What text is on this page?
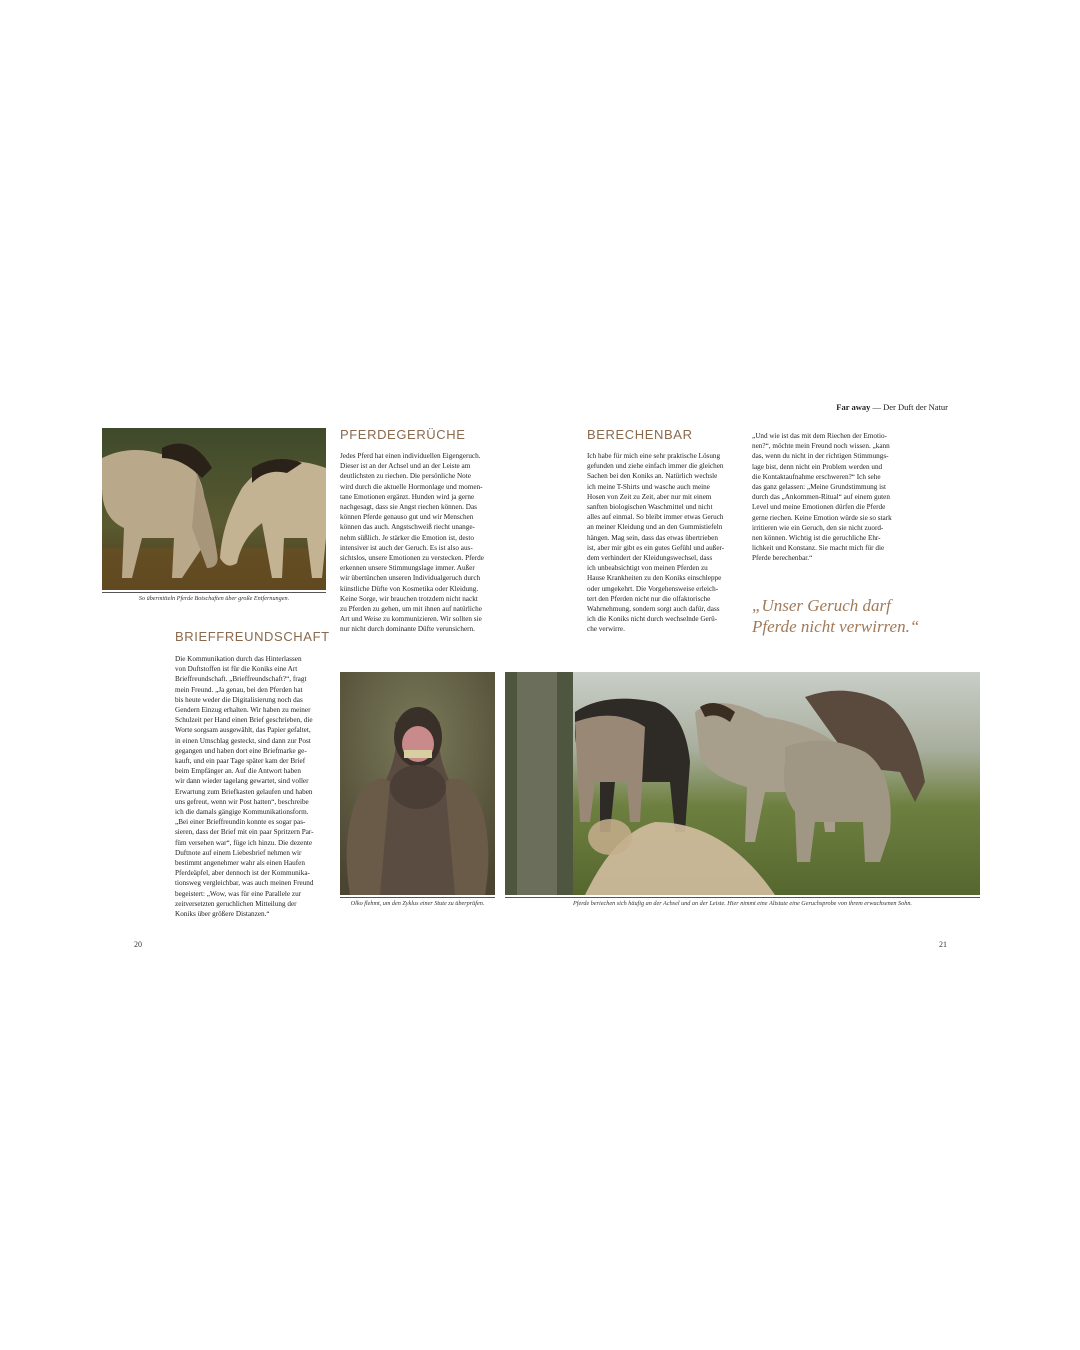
Far away — Der Duft der Natur
So übermitteln Pferde Botschaften über große Entfernungen.
BRIEFFREUNDSCHAFT

Die Kommunikation durch das Hinterlassen
von Duftstoffen ist für die Koniks eine Art
Brieffreundschaft. „Brieffreundschaft?“, fragt
mein Freund. „Ja genau, bei den Pferden hat
bis heute weder die Digitalisierung noch das
Gendern Einzug erhalten. Wir haben zu meiner
Schulzeit per Hand einen Brief geschrieben, die
Worte sorgsam ausgewählt, das Papier gefaltet,
in einen Umschlag gesteckt, sind dann zur Post
gegangen und haben dort eine Briefmarke ge-
kauft, und ein paar Tage später kam der Brief
beim Empfänger an. Auf die Antwort haben
wir dann wieder tagelang gewartet, sind voller
Erwartung zum Briefkasten gelaufen und haben
uns gefreut, wenn wir Post hatten“, beschreibe
ich die damals gängige Kommunikationsform.
„Bei einer Brieffreundin konnte es sogar pas-
sieren, dass der Brief mit ein paar Spritzern Par-
füm versehen war“, füge ich hinzu. Die dezente
Duftnote auf einem Liebesbrief nehmen wir
bestimmt angenehmer wahr als einen Haufen
Pferdeäpfel, aber dennoch ist der Kommunika-
tionsweg vergleichbar, was auch meinen Freund
begeistert: „Wow, was für eine Parallele zur
zeitversetzten geruchlichen Mitteilung der
Koniks über größere Distanzen.“

PFERDEGERÜCHE

Jedes Pferd hat einen individuellen Eigengeruch.
Dieser ist an der Achsel und an der Leiste am
deutlichsten zu riechen. Die persönliche Note
wird durch die aktuelle Hormonlage und momen-
tane Emotionen ergänzt. Hunden wird ja gerne
nachgesagt, dass sie Angst riechen können. Das
können Pferde genauso gut und wir Menschen
können das auch. Angstschweiß riecht unange-
nehm süßlich. Je stärker die Emotion ist, desto
intensiver ist auch der Geruch. Es ist also aus-
sichtslos, unsere Emotionen zu verstecken. Pferde
erkennen unsere Stimmungslage immer. Außer
wir übertünchen unseren Individualgeruch durch
künstliche Düfte von Kosmetika oder Kleidung.
Keine Sorge, wir brauchen trotzdem nicht nackt
zu Pferden zu gehen, um mit ihnen auf natürliche
Art und Weise zu kommunizieren. Wir sollten sie
nur nicht durch dominante Düfte verunsichern.

Olko flehmt, um den Zyklus einer Stute zu überprüfen.
20
BERECHENBAR

Ich habe für mich eine sehr praktische Lösung
gefunden und ziehe einfach immer die gleichen
Sachen bei den Koniks an. Natürlich wechsle
ich meine T-Shirts und wasche auch meine
Hosen von Zeit zu Zeit, aber nur mit einem
sanften biologischen Waschmittel und nicht
alles auf einmal. So bleibt immer etwas Geruch
an meiner Kleidung und an den Gummistiefeln
hängen. Mag sein, dass das etwas übertrieben
ist, aber mir gibt es ein gutes Gefühl und außer-
dem verhindert der Kleidungswechsel, dass
ich unbeabsichtigt von meinen Pferden zu
Hause Krankheiten zu den Koniks einschleppe
oder umgekehrt. Die Vorgehensweise erleich-
tert den Pferden nicht nur die olfaktorische
Wahrnehmung, sondern sorgt auch dafür, dass
ich die Koniks nicht durch wechselnde Gerü-
che verwirre.

„Und wie ist das mit dem Riechen der Emotio-
nen?“, möchte mein Freund noch wissen. „kann
das, wenn du nicht in der richtigen Stimmungs-
lage bist, denn nicht ein Problem werden und
die Kontaktaufnahme erschweren?“ Ich sehe
das ganz gelassen: „Meine Grundstimmung ist
durch das „Ankommen-Ritual“ auf einem guten
Level und meine Emotionen dürfen die Pferde
gerne riechen. Keine Emotion würde sie so stark
irritieren wie ein Geruch, den sie nicht zuord-
nen können. Wichtig ist die geruchliche Ehr-
lichkeit und Konstanz. Sie macht mich für die
Pferde berechenbar.“

„Unser Geruch darf
Pferde nicht verwirren.“

Pferde beriechen sich häufig an der Achsel und an der Leiste. Hier nimmt eine Altstute eine Geruchsprobe von ihrem erwachsenen Sohn.
21
